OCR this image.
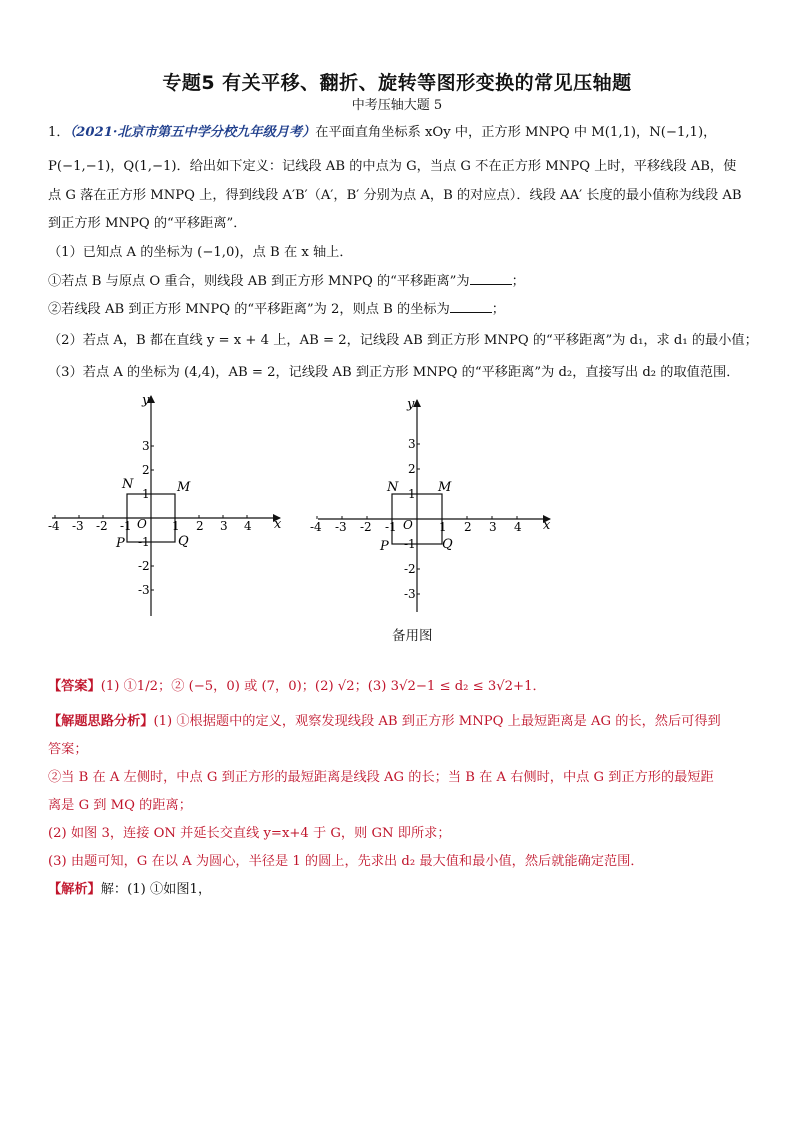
专题5 有关平移、翻折、旋转等图形变换的常见压轴题
中考压轴大题 5
1．（2021·北京市第五中学分校九年级月考）在平面直角坐标系 xOy 中，正方形 MNPQ 中 M(1,1)，N(−1,1)，
P(−1,−1)，Q(1,−1)．给出如下定义：记线段 AB 的中点为 G，当点 G 不在正方形 MNPQ 上时，平移线段 AB，使
点 G 落在正方形 MNPQ 上，得到线段 A′B′（A′，B′ 分别为点 A，B 的对应点）．线段 AA′ 长度的最小值称为线段 AB
到正方形 MNPQ 的“平移距离”．
（1）已知点 A 的坐标为 (−1,0)，点 B 在 x 轴上．
①若点 B 与原点 O 重合，则线段 AB 到正方形 MNPQ 的“平移距离”为	；
②若线段 AB 到正方形 MNPQ 的“平移距离”为 2，则点 B 的坐标为	；
（2）若点 A，B 都在直线 y = x + 4 上，AB = 2，记线段 AB 到正方形 MNPQ 的“平移距离”为 d₁，求 d₁ 的最小值；
（3）若点 A 的坐标为 (4,4)，AB = 2，记线段 AB 到正方形 MNPQ 的“平移距离”为 d₂，直接写出 d₂ 的取值范围．
x
y
O
N	M
P	Q
-4 -3 -2 -1	1 2 3 4
3
2
1
-1
-2
-3
x
y
O
N	M
P	Q
-4 -3 -2 -1	1 2 3 4
3
2
1
-1
-2
-3
备用图
【答案】(1) ①1/2；② (−5，0) 或 (7，0)；(2) √2；(3) 3√2−1 ≤ d₂ ≤ 3√2+1．
【解题思路分析】(1) ①根据题中的定义，观察发现线段 AB 到正方形 MNPQ 上最短距离是 AG 的长，然后可得到
答案；
②当 B 在 A 左侧时，中点 G 到正方形的最短距离是线段 AG 的长；当 B 在 A 右侧时，中点 G 到正方形的最短距
离是 G 到 MQ 的距离；
(2) 如图 3，连接 ON 并延长交直线 y=x+4 于 G，则 GN 即所求；
(3) 由题可知，G 在以 A 为圆心，半径是 1 的圆上，先求出 d₂ 最大值和最小值，然后就能确定范围．
【解析】解：(1) ①如图1，
